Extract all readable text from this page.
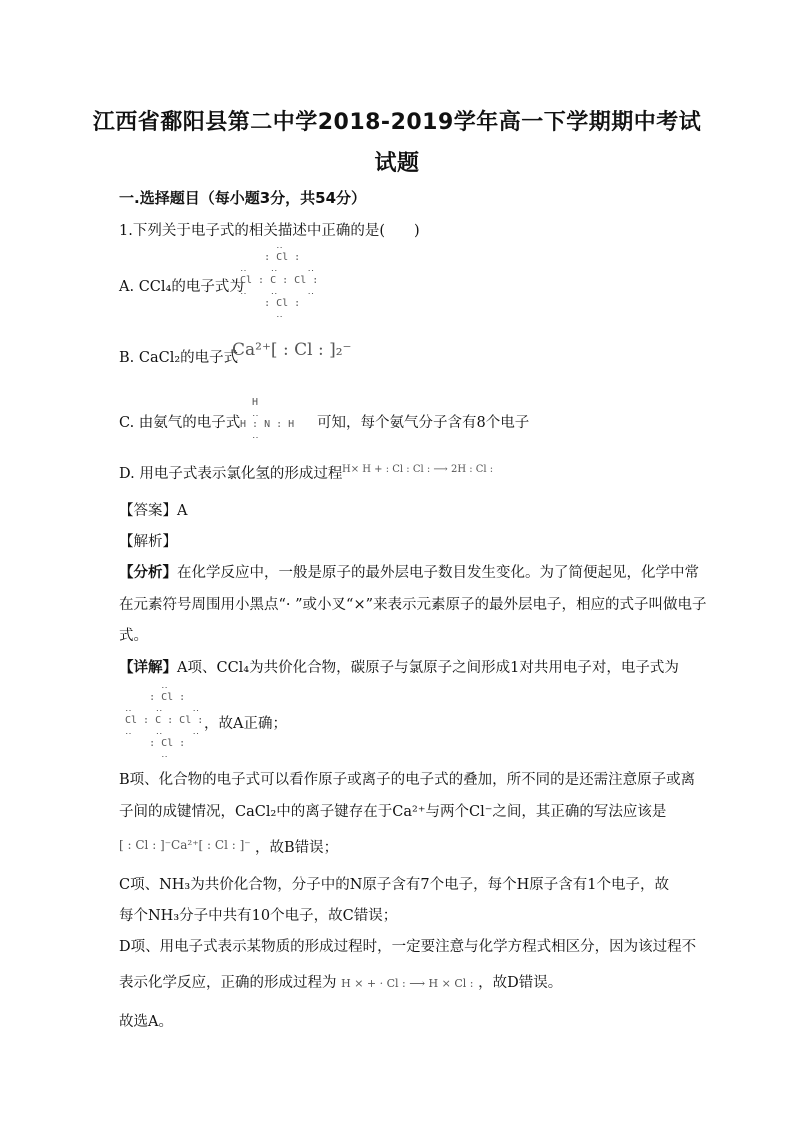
江西省鄱阳县第二中学2018-2019学年高一下学期期中考试
试题
一.选择题目（每小题3分，共54分）
1.下列关于电子式的相关描述中正确的是(　　)
A. CCl₄的电子式为
‥
: Cl :
‥    ‥     ‥
Cl : C : Cl :
‥    ‥     ‥
: Cl :
‥
B. CaCl₂的电子式
Ca²⁺[ : Cl : ]₂⁻
C. 由氨气的电子式
H
‥
H : N : H
‥
可知，每个氨气分子含有8个电子
D. 用电子式表示氯化氢的形成过程 H⨯ H + : Cl : Cl : ⟶ 2H : Cl :
【答案】A
【解析】
【分析】在化学反应中，一般是原子的最外层电子数目发生变化。为了简便起见，化学中常
在元素符号周围用小黑点“· ”或小叉“×”来表示元素原子的最外层电子，相应的式子叫做电子
式。
【详解】A项、CCl₄为共价化合物，碳原子与氯原子之间形成1对共用电子对，电子式为
‥
: Cl :
‥    ‥     ‥
Cl : C : Cl :
‥    ‥     ‥
: Cl :
‥
，故A正确；
B项、化合物的电子式可以看作原子或离子的电子式的叠加，所不同的是还需注意原子或离
子间的成键情况，CaCl₂中的离子键存在于Ca²⁺与两个Cl⁻之间，其正确的写法应该是
[ : Cl : ]⁻Ca²⁺[ : Cl : ]⁻ ，故B错误；
C项、NH₃为共价化合物，分子中的N原子含有7个电子，每个H原子含有1个电子，故
每个NH₃分子中共有10个电子，故C错误；
D项、用电子式表示某物质的形成过程时，一定要注意与化学方程式相区分，因为该过程不
表示化学反应，正确的形成过程为 H × + · Cl : ⟶ H ⨯ Cl : ，故D错误。
故选A。
